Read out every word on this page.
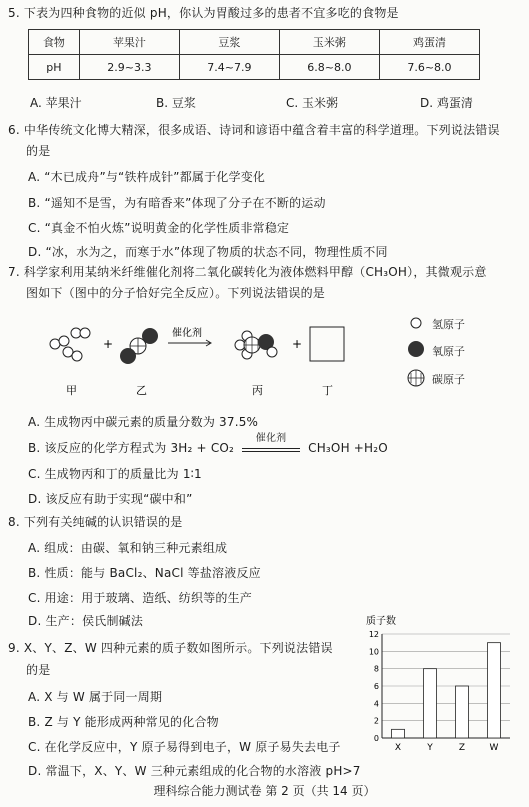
5. 下表为四种食物的近似 pH，你认为胃酸过多的患者不宜多吃的食物是
食物	苹果汁	豆浆	玉米粥	鸡蛋清
pH	2.9~3.3	7.4~7.9	6.8~8.0	7.6~8.0
A. 苹果汁	B. 豆浆	C. 玉米粥	D. 鸡蛋清
6. 中华传统文化博大精深，很多成语、诗词和谚语中蕴含着丰富的科学道理。下列说法错误
的是
A. “木已成舟”与“铁杵成针”都属于化学变化
B. “遥知不是雪，为有暗香来”体现了分子在不断的运动
C. “真金不怕火炼”说明黄金的化学性质非常稳定
D. “冰，水为之，而寒于水”体现了物质的状态不同，物理性质不同
7. 科学家利用某纳米纤维催化剂将二氧化碳转化为液体燃料甲醇（CH₃OH），其微观示意
图如下（图中的分子恰好完全反应）。下列说法错误的是
+
催化剂
+
甲	乙	丙	丁
氢原子
氧原子
碳原子
A. 生成物丙中碳元素的质量分数为 37.5%
B. 该反应的化学方程式为 3H₂ + CO₂
催化剂
CH₃OH +H₂O
C. 生成物丙和丁的质量比为 1∶1
D. 该反应有助于实现“碳中和”
8. 下列有关纯碱的认识错误的是
A. 组成：由碳、氧和钠三种元素组成
B. 性质：能与 BaCl₂、NaCl 等盐溶液反应
C. 用途：用于玻璃、造纸、纺织等的生产
D. 生产：侯氏制碱法	质子数
0
2
4
6
8
10
12
X	Y	Z	W
9. X、Y、Z、W 四种元素的质子数如图所示。下列说法错误
的是
A. X 与 W 属于同一周期
B. Z 与 Y 能形成两种常见的化合物
C. 在化学反应中，Y 原子易得到电子，W 原子易失去电子
D. 常温下，X、Y、W 三种元素组成的化合物的水溶液 pH>7
理科综合能力测试卷 第 2 页（共 14 页）
